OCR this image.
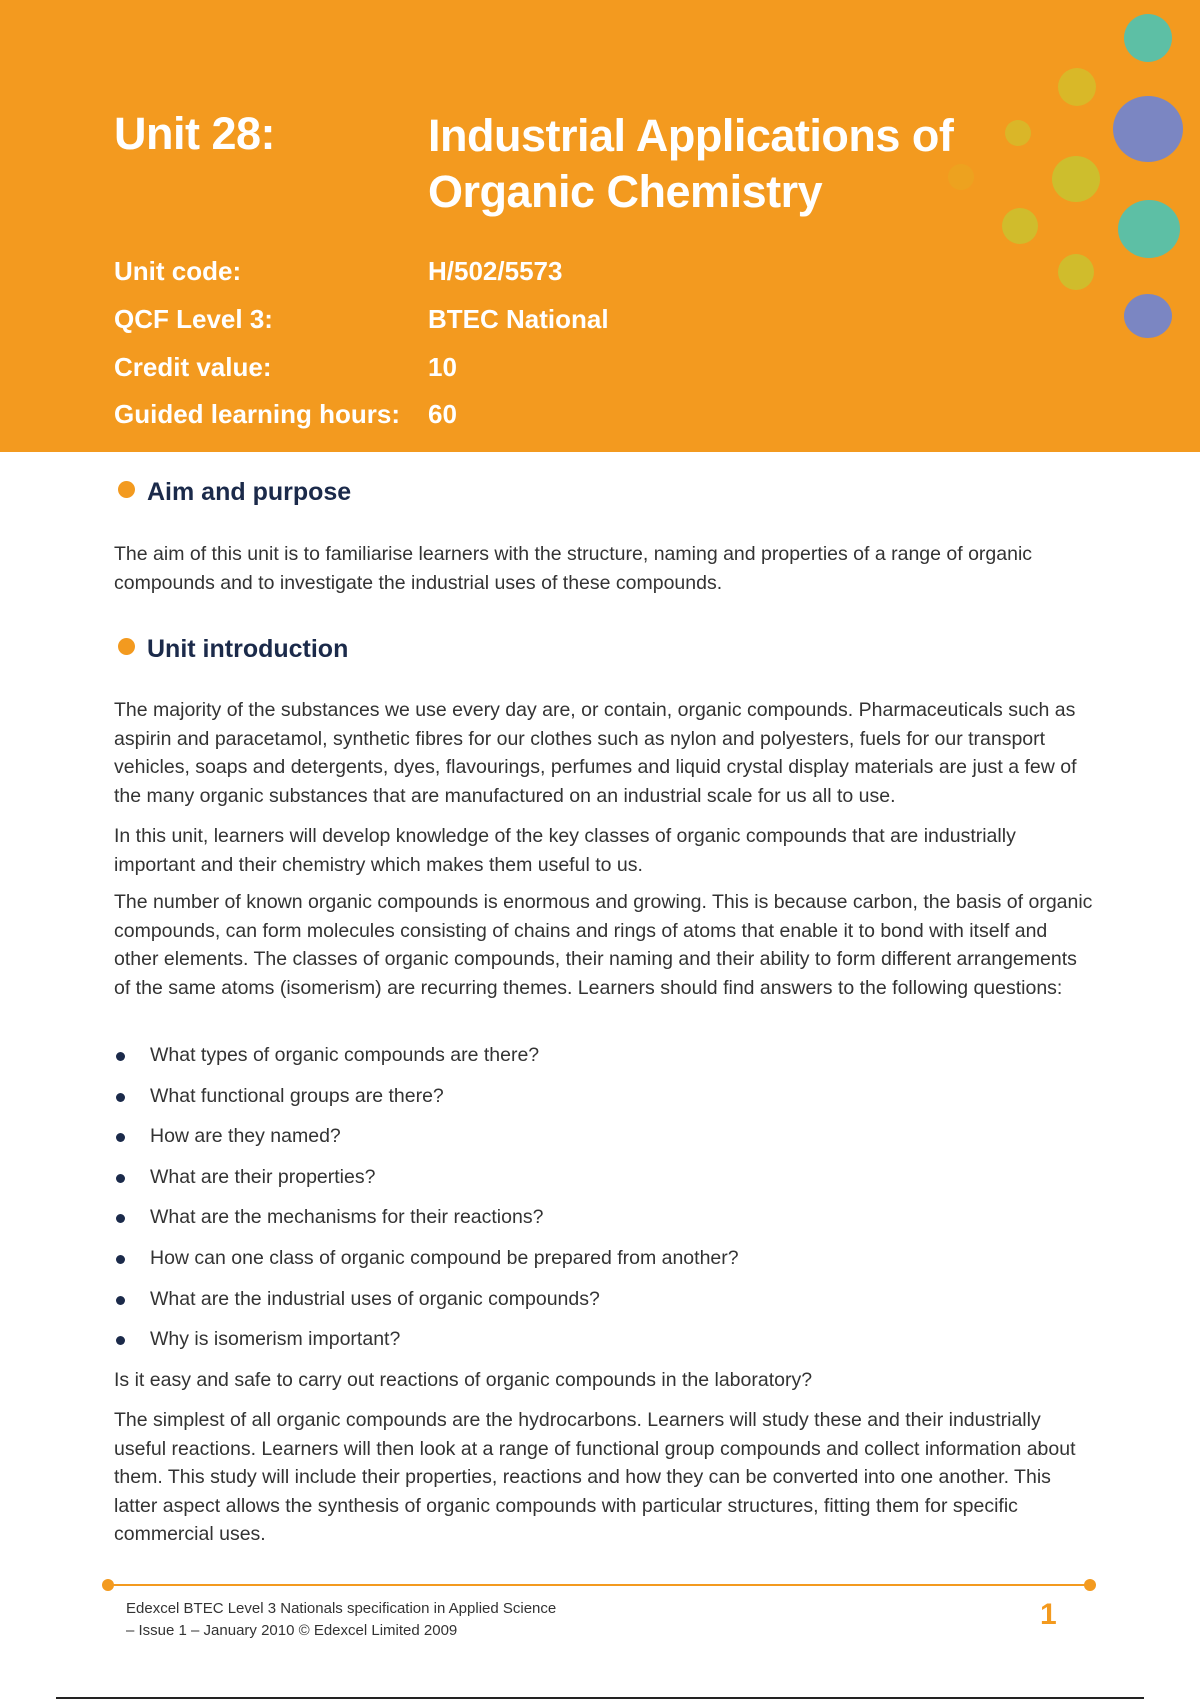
Unit 28:	Industrial Applications of
Organic Chemistry
Unit code:	H/502/5573
QCF Level 3:	BTEC National
Credit value:	10
Guided learning hours: 60
Aim and purpose

The aim of this unit is to familiarise learners with the structure, naming and properties of a range of organic compounds and to investigate the industrial uses of these compounds.

Unit introduction

The majority of the substances we use every day are, or contain, organic compounds. Pharmaceuticals such as aspirin and paracetamol, synthetic fibres for our clothes such as nylon and polyesters, fuels for our transport vehicles, soaps and detergents, dyes, flavourings, perfumes and liquid crystal display materials are just a few of the many organic substances that are manufactured on an industrial scale for us all to use.

In this unit, learners will develop knowledge of the key classes of organic compounds that are industrially important and their chemistry which makes them useful to us.

The number of known organic compounds is enormous and growing. This is because carbon, the basis of organic compounds, can form molecules consisting of chains and rings of atoms that enable it to bond with itself and other elements. The classes of organic compounds, their naming and their ability to form different arrangements of the same atoms (isomerism) are recurring themes. Learners should find answers to the following questions:

What types of organic compounds are there?
What functional groups are there?
How are they named?
What are their properties?
What are the mechanisms for their reactions?
How can one class of organic compound be prepared from another?
What are the industrial uses of organic compounds?
Why is isomerism important?

Is it easy and safe to carry out reactions of organic compounds in the laboratory?

The simplest of all organic compounds are the hydrocarbons. Learners will study these and their industrially useful reactions. Learners will then look at a range of functional group compounds and collect information about them. This study will include their properties, reactions and how they can be converted into one another. This latter aspect allows the synthesis of organic compounds with particular structures, fitting them for specific commercial uses.

Edexcel BTEC Level 3 Nationals specification in Applied Science
– Issue 1 – January 2010 © Edexcel Limited 2009	1
